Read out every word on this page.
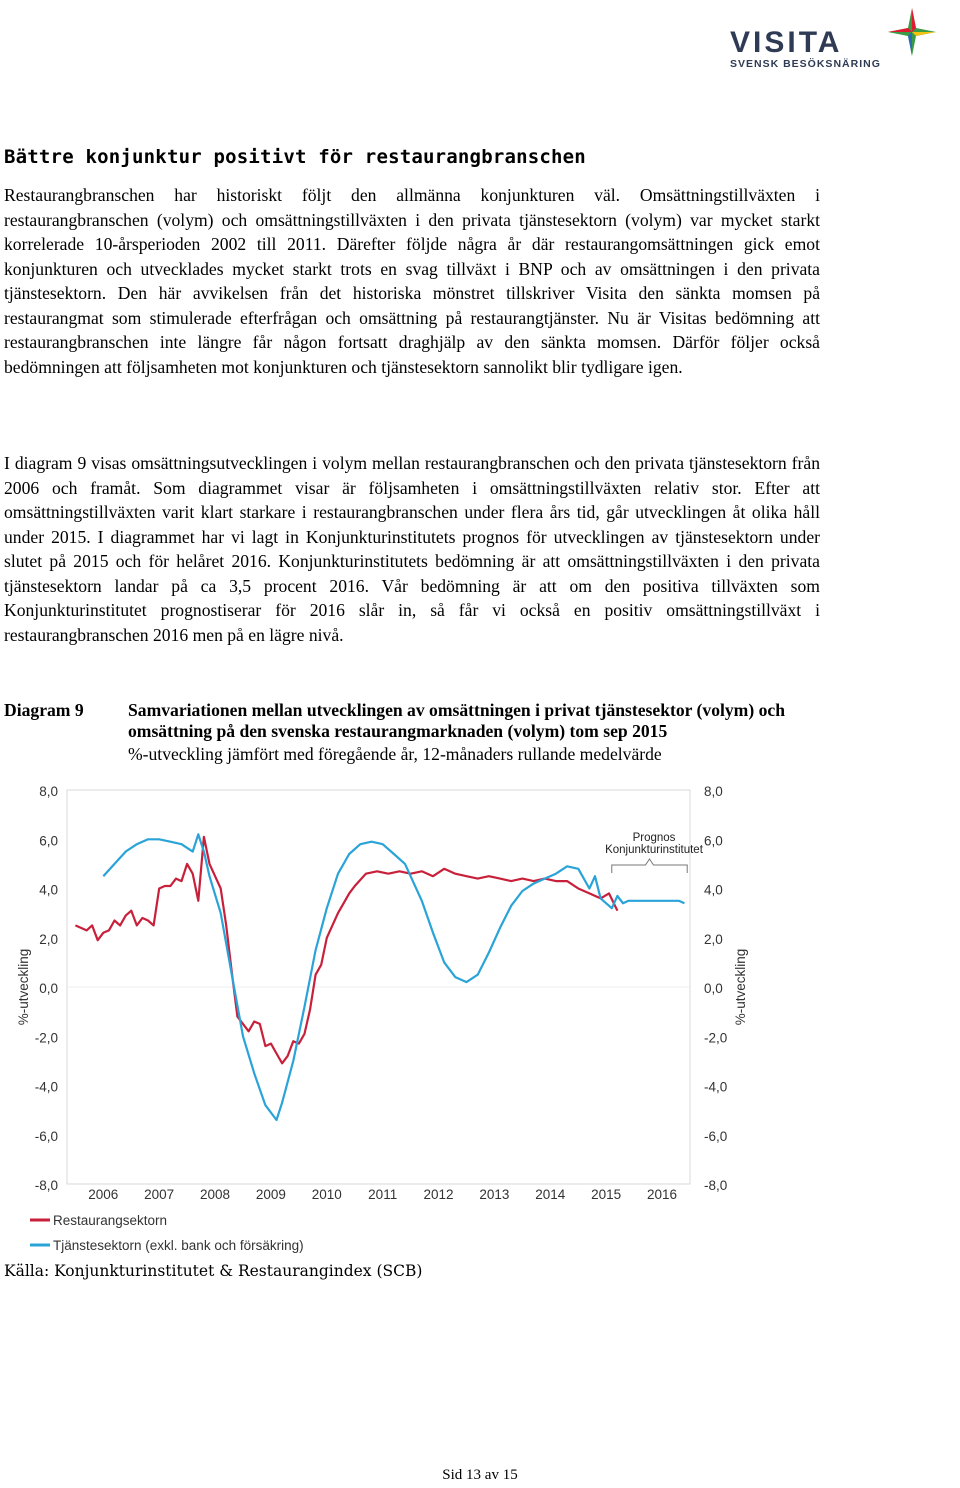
VISITA
SVENSK BESÖKSNÄRING
Bättre konjunktur positivt för restaurangbranschen

Restaurangbranschen har historiskt följt den allmänna konjunkturen väl. Omsättningstillväxten i restaurangbranschen (volym) och omsättningstillväxten i den privata tjänstesektorn (volym) var mycket starkt korrelerade 10-årsperioden 2002 till 2011. Därefter följde några år där restaurangomsättningen gick emot konjunkturen och utvecklades mycket starkt trots en svag tillväxt i BNP och av omsättningen i den privata tjänstesektorn. Den här avvikelsen från det historiska mönstret tillskriver Visita den sänkta momsen på restaurangmat som stimulerade efterfrågan och omsättning på restaurangtjänster. Nu är Visitas bedömning att restaurangbranschen inte längre får någon fortsatt draghjälp av den sänkta momsen. Därför följer också bedömningen att följsamheten mot konjunkturen och tjänstesektorn sannolikt blir tydligare igen.

I diagram 9 visas omsättningsutvecklingen i volym mellan restaurangbranschen och den privata tjänstesektorn från 2006 och framåt. Som diagrammet visar är följsamheten i omsättningstillväxten relativ stor. Efter att omsättningstillväxten varit klart starkare i restaurangbranschen under flera års tid, går utvecklingen åt olika håll under 2015. I diagrammet har vi lagt in Konjunkturinstitutets prognos för utvecklingen av tjänstesektorn under slutet på 2015 och för helåret 2016. Konjunkturinstitutets bedömning är att omsättningstillväxten i den privata tjänstesektorn landar på ca 3,5 procent 2016. Vår bedömning är att om den positiva tillväxten som Konjunkturinstitutet prognostiserar för 2016 slår in, så får vi också en positiv omsättningstillväxt i restaurangbranschen 2016 men på en lägre nivå.

Diagram 9	Samvariationen mellan utvecklingen av omsättningen i privat tjänstesektor (volym) och omsättning på den svenska restaurangmarknaden (volym) tom sep 2015
%-utveckling jämfört med föregående år, 12-månaders rullande medelvärde
8,0
6,0
4,0
2,0
0,0
-2,0
-4,0
-6,0
-8,0
8,0
6,0
4,0
2,0
0,0
-2,0
-4,0
-6,0
-8,0
2006 2007 2008 2009 2010 2011 2012 2013 2014 2015 2016
Prognos
Konjunkturinstitutet
Restaurangsektorn
Tjänstesektorn (exkl. bank och försäkring)
%-utveckling	%-utveckling
Källa: Konjunkturinstitutet & Restaurangindex (SCB)
Sid 13 av 15
